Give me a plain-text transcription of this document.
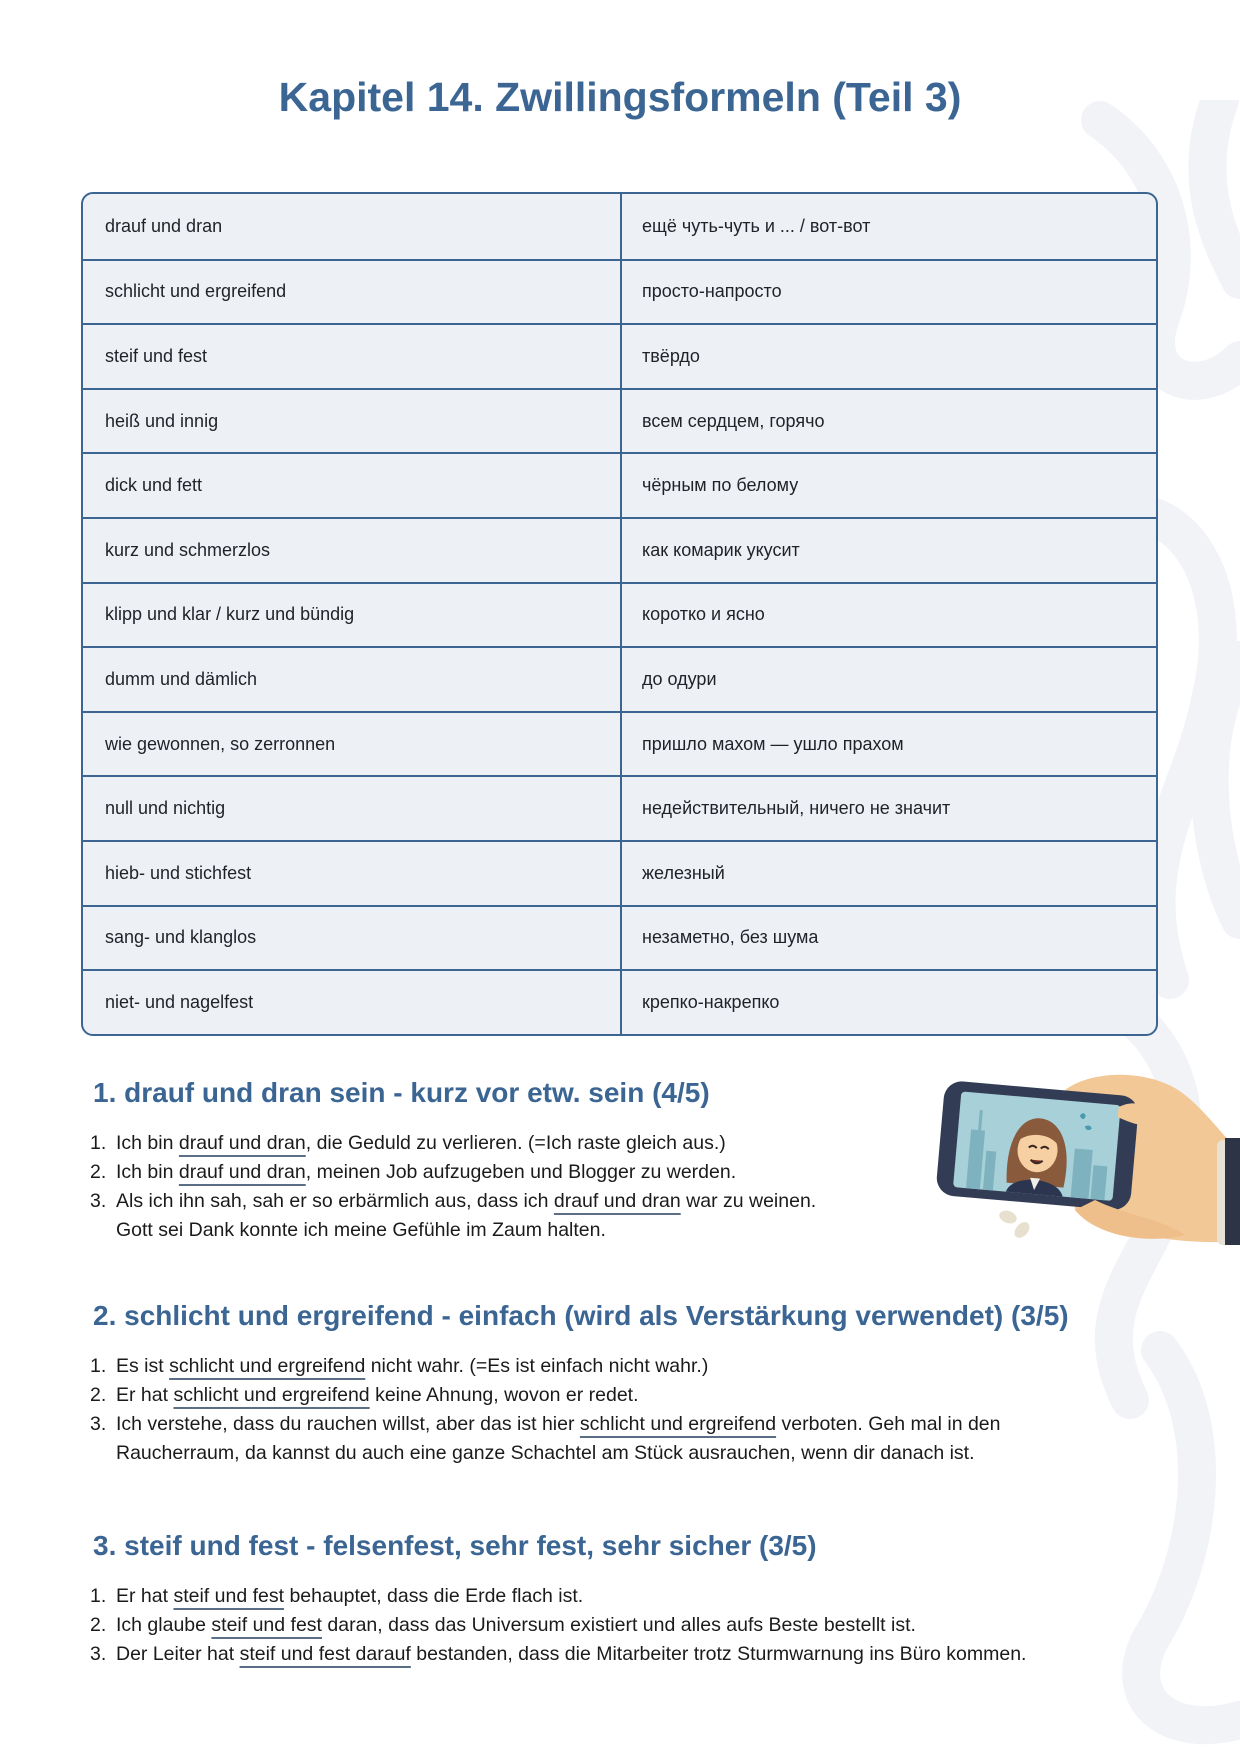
Kapitel 14. Zwillingsformeln (Teil 3)
drauf und dran	ещё чуть-чуть и ... / вот-вот
schlicht und ergreifend	просто-напросто
steif und fest	твёрдо
heiß und innig	всем сердцем, горячо
dick und fett	чёрным по белому
kurz und schmerzlos	как комарик укусит
klipp und klar / kurz und bündig	коротко и ясно
dumm und dämlich	до одури
wie gewonnen, so zerronnen	пришло махом — ушло прахом
null und nichtig	недействительный, ничего не значит
hieb- und stichfest	железный
sang- und klanglos	незаметно, без шума
niet- und nagelfest	крепко-накрепко
1. drauf und dran sein - kurz vor etw. sein (4/5)
1. Ich bin drauf und dran, die Geduld zu verlieren. (=Ich raste gleich aus.)
2. Ich bin drauf und dran, meinen Job aufzugeben und Blogger zu werden.
3. Als ich ihn sah, sah er so erbärmlich aus, dass ich drauf und dran war zu weinen.
Gott sei Dank konnte ich meine Gefühle im Zaum halten.
2. schlicht und ergreifend - einfach (wird als Verstärkung verwendet) (3/5)
1. Es ist schlicht und ergreifend nicht wahr. (=Es ist einfach nicht wahr.)
2. Er hat schlicht und ergreifend keine Ahnung, wovon er redet.
3. Ich verstehe, dass du rauchen willst, aber das ist hier schlicht und ergreifend verboten. Geh mal in den
Raucherraum, da kannst du auch eine ganze Schachtel am Stück ausrauchen, wenn dir danach ist.
3. steif und fest - felsenfest, sehr fest, sehr sicher (3/5)
1. Er hat steif und fest behauptet, dass die Erde flach ist.
2. Ich glaube steif und fest daran, dass das Universum existiert und alles aufs Beste bestellt ist.
3. Der Leiter hat steif und fest darauf bestanden, dass die Mitarbeiter trotz Sturmwarnung ins Büro kommen.
